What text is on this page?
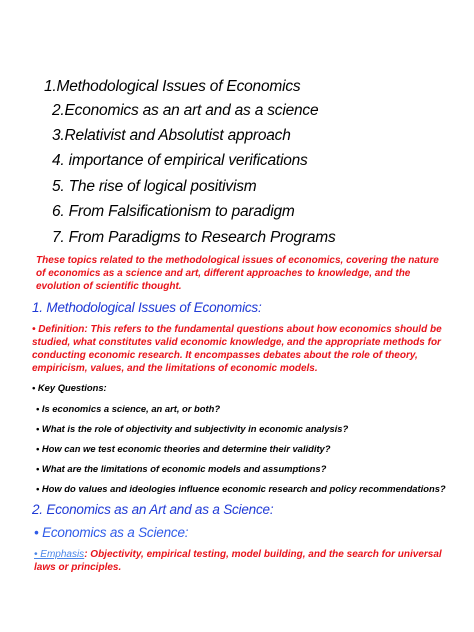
1.Methodological Issues of Economics
2.Economics as an art and as a science
3.Relativist and Absolutist approach
4. importance of empirical verifications
5. The rise of logical positivism
6. From Falsificationism to paradigm
7. From Paradigms to Research Programs
These topics related to the methodological issues of economics, covering the nature of economics as a science and art, different approaches to knowledge, and the evolution of scientific thought.
1. Methodological Issues of Economics:
• Definition: This refers to the fundamental questions about how economics should be studied, what constitutes valid economic knowledge, and the appropriate methods for conducting economic research. It encompasses debates about the role of theory, empiricism, values, and the limitations of economic models.
• Key Questions:
• Is economics a science, an art, or both?
• What is the role of objectivity and subjectivity in economic analysis?
• How can we test economic theories and determine their validity?
• What are the limitations of economic models and assumptions?
• How do values and ideologies influence economic research and policy recommendations?
2. Economics as an Art and as a Science:
• Economics as a Science:
• Emphasis: Objectivity, empirical testing, model building, and the search for universal laws or principles.
